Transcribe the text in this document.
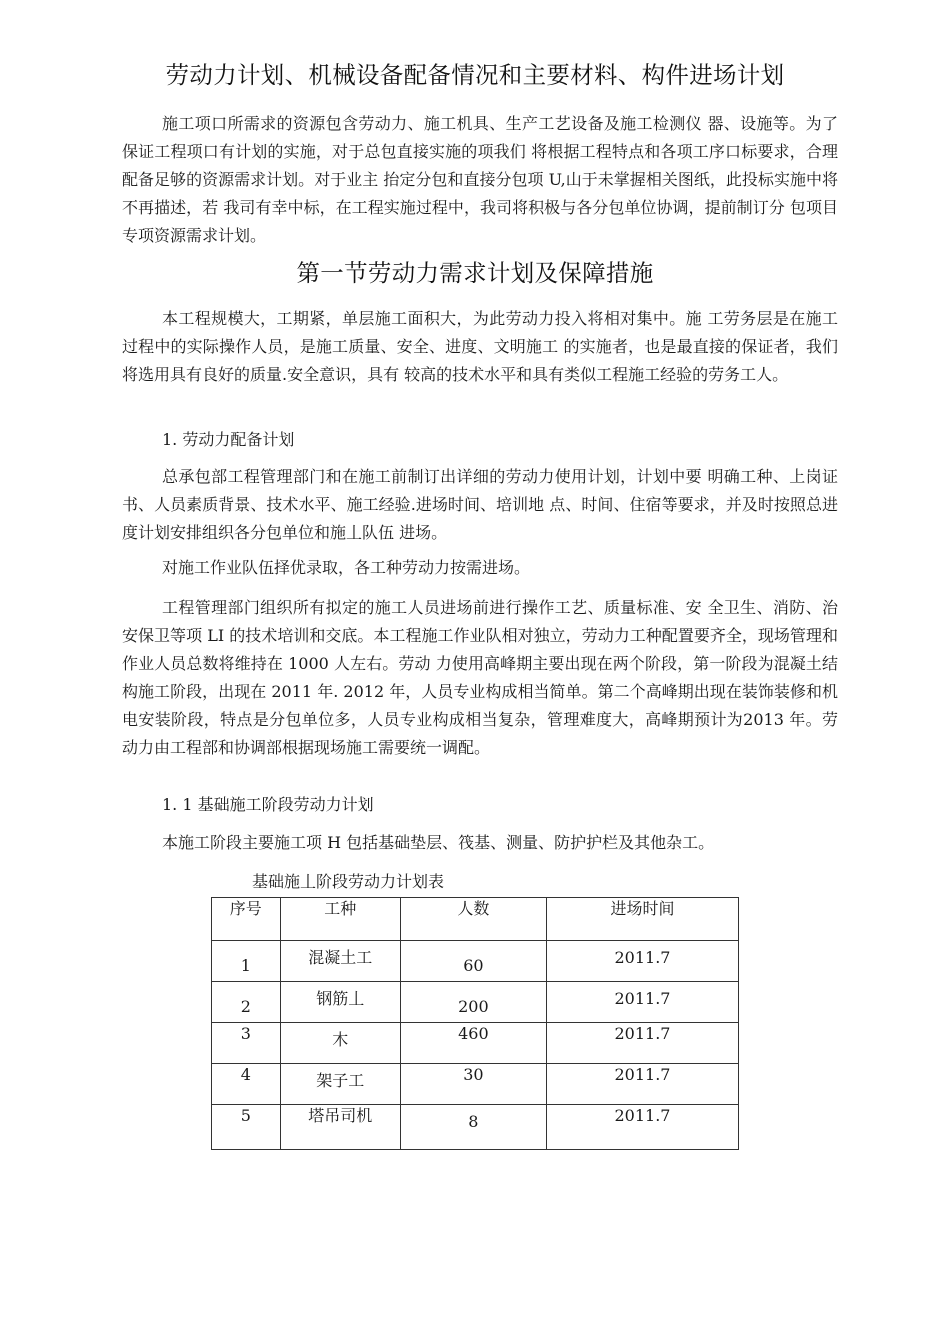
劳动力计划、机械设备配备情况和主要材料、构件进场计划

施工项口所需求的资源包含劳动力、施工机具、生产工艺设备及施工检测仪 器、设施等。为了保证工程项口有计划的实施，对于总包直接实施的项我们 将根据工程特点和各项工序口标要求，合理配备足够的资源需求计划。对于业主 抬定分包和直接分包项 U,山于未掌握相关图纸，此投标实施中将不再描述，若 我司有幸中标，在工程实施过程中，我司将积极与各分包单位协调，提前制订分 包项目专项资源需求计划。

第一节劳动力需求计划及保障措施

本工程规模大，工期紧，单层施工面积大，为此劳动力投入将相对集中。施 工劳务层是在施工过程中的实际操作人员，是施工质量、安全、进度、文明施工 的实施者，也是最直接的保证者，我们将选用具有良好的质量.安全意识，具有 较高的技术水平和具有类似工程施工经验的劳务工人。

1. 劳动力配备计划

总承包部工程管理部门和在施工前制订出详细的劳动力使用计划，计划中要 明确工种、上岗证书、人员素质背景、技术水平、施工经验.进场时间、培训地 点、时间、住宿等要求，并及时按照总进度计划安排组织各分包单位和施丄队伍 进场。

对施工作业队伍择优录取，各工种劳动力按需进场。

工程管理部门组织所有拟定的施工人员进场前进行操作工艺、质量标准、安 全卫生、消防、治安保卫等项 LI 的技术培训和交底。本工程施工作业队相对独立，劳动力工种配置要齐全，现场管理和作业人员总数将维持在 1000 人左右。劳动 力使用高峰期主要出现在两个阶段，第一阶段为混凝土结构施工阶段，出现在 2011 年. 2012 年，人员专业构成相当简单。第二个高峰期出现在装饰装修和机 电安装阶段，特点是分包单位多，人员专业构成相当复杂，管理难度大，高峰期预计为2013 年。劳动力由工程部和协调部根据现场施工需要统一调配。

1. 1 基础施工阶段劳动力计划

本施工阶段主要施工项 H 包括基础垫层、筏基、测量、防护护栏及其他杂工。

基础施丄阶段劳动力计划表
序号	工种	人数	进场时间

1	混凝土工	60	2011.7

2	钢筋丄	200	2011.7

3	木	460	2011.7

4	架子工	30	2011.7

5	塔吊司机	8	2011.7
